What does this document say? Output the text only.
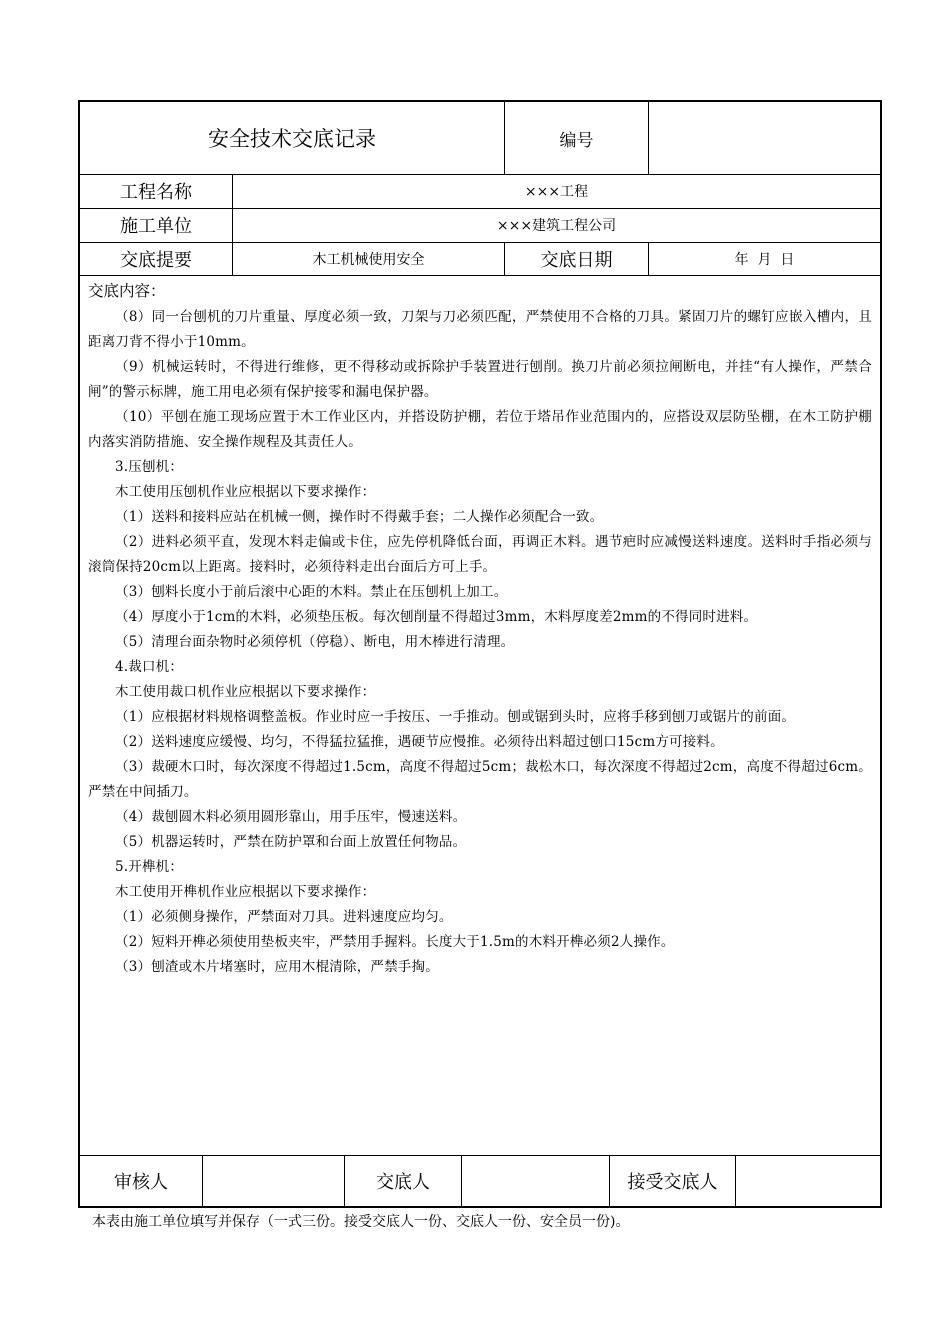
安全技术交底记录	编号
工程名称	×××工程
施工单位	×××建筑工程公司
交底提要	木工机械使用安全	交底日期	年  月  日

交底内容：

（8）同一台刨机的刀片重量、厚度必须一致，刀架与刀必须匹配，严禁使用不合格的刀具。紧固刀片的螺钉应嵌入槽内，且距离刀背不得小于10mm。

（9）机械运转时，不得进行维修，更不得移动或拆除护手装置进行刨削。换刀片前必须拉闸断电，并挂“有人操作，严禁合闸”的警示标牌，施工用电必须有保护接零和漏电保护器。

（10）平刨在施工现场应置于木工作业区内，并搭设防护棚，若位于塔吊作业范围内的，应搭设双层防坠棚，在木工防护棚内落实消防措施、安全操作规程及其责任人。

3.压刨机：

木工使用压刨机作业应根据以下要求操作：

（1）送料和接料应站在机械一侧，操作时不得戴手套；二人操作必须配合一致。

（2）进料必须平直，发现木料走偏或卡住，应先停机降低台面，再调正木料。遇节疤时应减慢送料速度。送料时手指必须与滚筒保持20cm以上距离。接料时，必须待料走出台面后方可上手。

（3）刨料长度小于前后滚中心距的木料。禁止在压刨机上加工。

（4）厚度小于1cm的木料，必须垫压板。每次刨削量不得超过3mm，木料厚度差2mm的不得同时进料。

（5）清理台面杂物时必须停机（停稳）、断电，用木棒进行清理。

4.裁口机：

木工使用裁口机作业应根据以下要求操作：

（1）应根据材料规格调整盖板。作业时应一手按压、一手推动。刨或锯到头时，应将手移到刨刀或锯片的前面。

（2）送料速度应缓慢、均匀，不得猛拉猛推，遇硬节应慢推。必须待出料超过刨口15cm方可接料。

（3）裁硬木口时，每次深度不得超过1.5cm，高度不得超过5cm；裁松木口，每次深度不得超过2cm，高度不得超过6cm。严禁在中间插刀。

（4）裁刨圆木料必须用圆形靠山，用手压牢，慢速送料。

（5）机器运转时，严禁在防护罩和台面上放置任何物品。

5.开榫机：

木工使用开榫机作业应根据以下要求操作：

（1）必须侧身操作，严禁面对刀具。进料速度应均匀。

（2）短料开榫必须使用垫板夹牢，严禁用手握料。长度大于1.5m的木料开榫必须2人操作。

（3）刨渣或木片堵塞时，应用木棍清除，严禁手掏。

审核人	交底人	接受交底人
本表由施工单位填写并保存（一式三份。接受交底人一份、交底人一份、安全员一份)。
